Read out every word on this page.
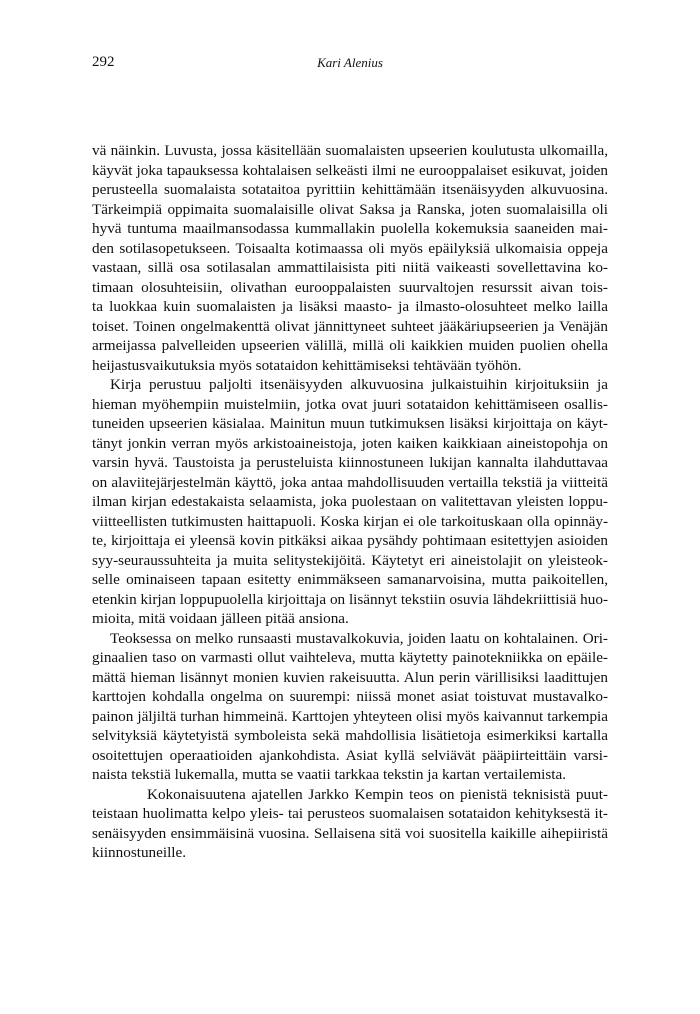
292	Kari Alenius
vä näinkin. Luvusta, jossa käsitellään suomalaisten upseerien koulutusta ulkomailla,
käyvät joka tapauksessa kohtalaisen selkeästi ilmi ne eurooppalaiset esikuvat, joiden
perusteella suomalaista sotataitoa pyrittiin kehittämään itsenäisyyden alkuvuosina.
Tärkeimpiä oppimaita suomalaisille olivat Saksa ja Ranska, joten suomalaisilla oli
hyvä tuntuma maailmansodassa kummallakin puolella kokemuksia saaneiden mai-
den sotilasopetukseen. Toisaalta kotimaassa oli myös epäilyksiä ulkomaisia oppeja
vastaan, sillä osa sotilasalan ammattilaisista piti niitä vaikeasti sovellettavina ko-
timaan olosuhteisiin, olivathan eurooppalaisten suurvaltojen resurssit aivan tois-
ta luokkaa kuin suomalaisten ja lisäksi maasto- ja ilmasto-olosuhteet melko lailla
toiset. Toinen ongelmakenttä olivat jännittyneet suhteet jääkäriupseerien ja Venäjän
armeijassa palvelleiden upseerien välillä, millä oli kaikkien muiden puolien ohella
heijastusvaikutuksia myös sotataidon kehittämiseksi tehtävään työhön.
Kirja perustuu paljolti itsenäisyyden alkuvuosina julkaistuihin kirjoituksiin ja
hieman myöhempiin muistelmiin, jotka ovat juuri sotataidon kehittämiseen osallis-
tuneiden upseerien käsialaa. Mainitun muun tutkimuksen lisäksi kirjoittaja on käyt-
tänyt jonkin verran myös arkistoaineistoja, joten kaiken kaikkiaan aineistopohja on
varsin hyvä. Taustoista ja perusteluista kiinnostuneen lukijan kannalta ilahduttavaa
on alaviitejärjestelmän käyttö, joka antaa mahdollisuuden vertailla tekstiä ja viitteitä
ilman kirjan edestakaista selaamista, joka puolestaan on valitettavan yleisten loppu-
viitteellisten tutkimusten haittapuoli. Koska kirjan ei ole tarkoituskaan olla opinnäy-
te, kirjoittaja ei yleensä kovin pitkäksi aikaa pysähdy pohtimaan esitettyjen asioiden
syy-seuraussuhteita ja muita selitystekijöitä. Käytetyt eri aineistolajit on yleisteok-
selle ominaiseen tapaan esitetty enimmäkseen samanarvoisina, mutta paikoitellen,
etenkin kirjan loppupuolella kirjoittaja on lisännyt tekstiin osuvia lähdekriittisiä huo-
mioita, mitä voidaan jälleen pitää ansiona.
Teoksessa on melko runsaasti mustavalkokuvia, joiden laatu on kohtalainen. Ori-
ginaalien taso on varmasti ollut vaihteleva, mutta käytetty painotekniikka on epäile-
mättä hieman lisännyt monien kuvien rakeisuutta. Alun perin värillisiksi laadittujen
karttojen kohdalla ongelma on suurempi: niissä monet asiat toistuvat mustavalko-
painon jäljiltä turhan himmeinä. Karttojen yhteyteen olisi myös kaivannut tarkempia
selvityksiä käytetyistä symboleista sekä mahdollisia lisätietoja esimerkiksi kartalla
osoitettujen operaatioiden ajankohdista. Asiat kyllä selviävät pääpiirteittäin varsi-
naista tekstiä lukemalla, mutta se vaatii tarkkaa tekstin ja kartan vertailemista.
Kokonaisuutena ajatellen Jarkko Kempin teos on pienistä teknisistä puut-
teistaan huolimatta kelpo yleis- tai perusteos suomalaisen sotataidon kehityksestä it-
senäisyyden ensimmäisinä vuosina. Sellaisena sitä voi suositella kaikille aihepiiristä
kiinnostuneille.
